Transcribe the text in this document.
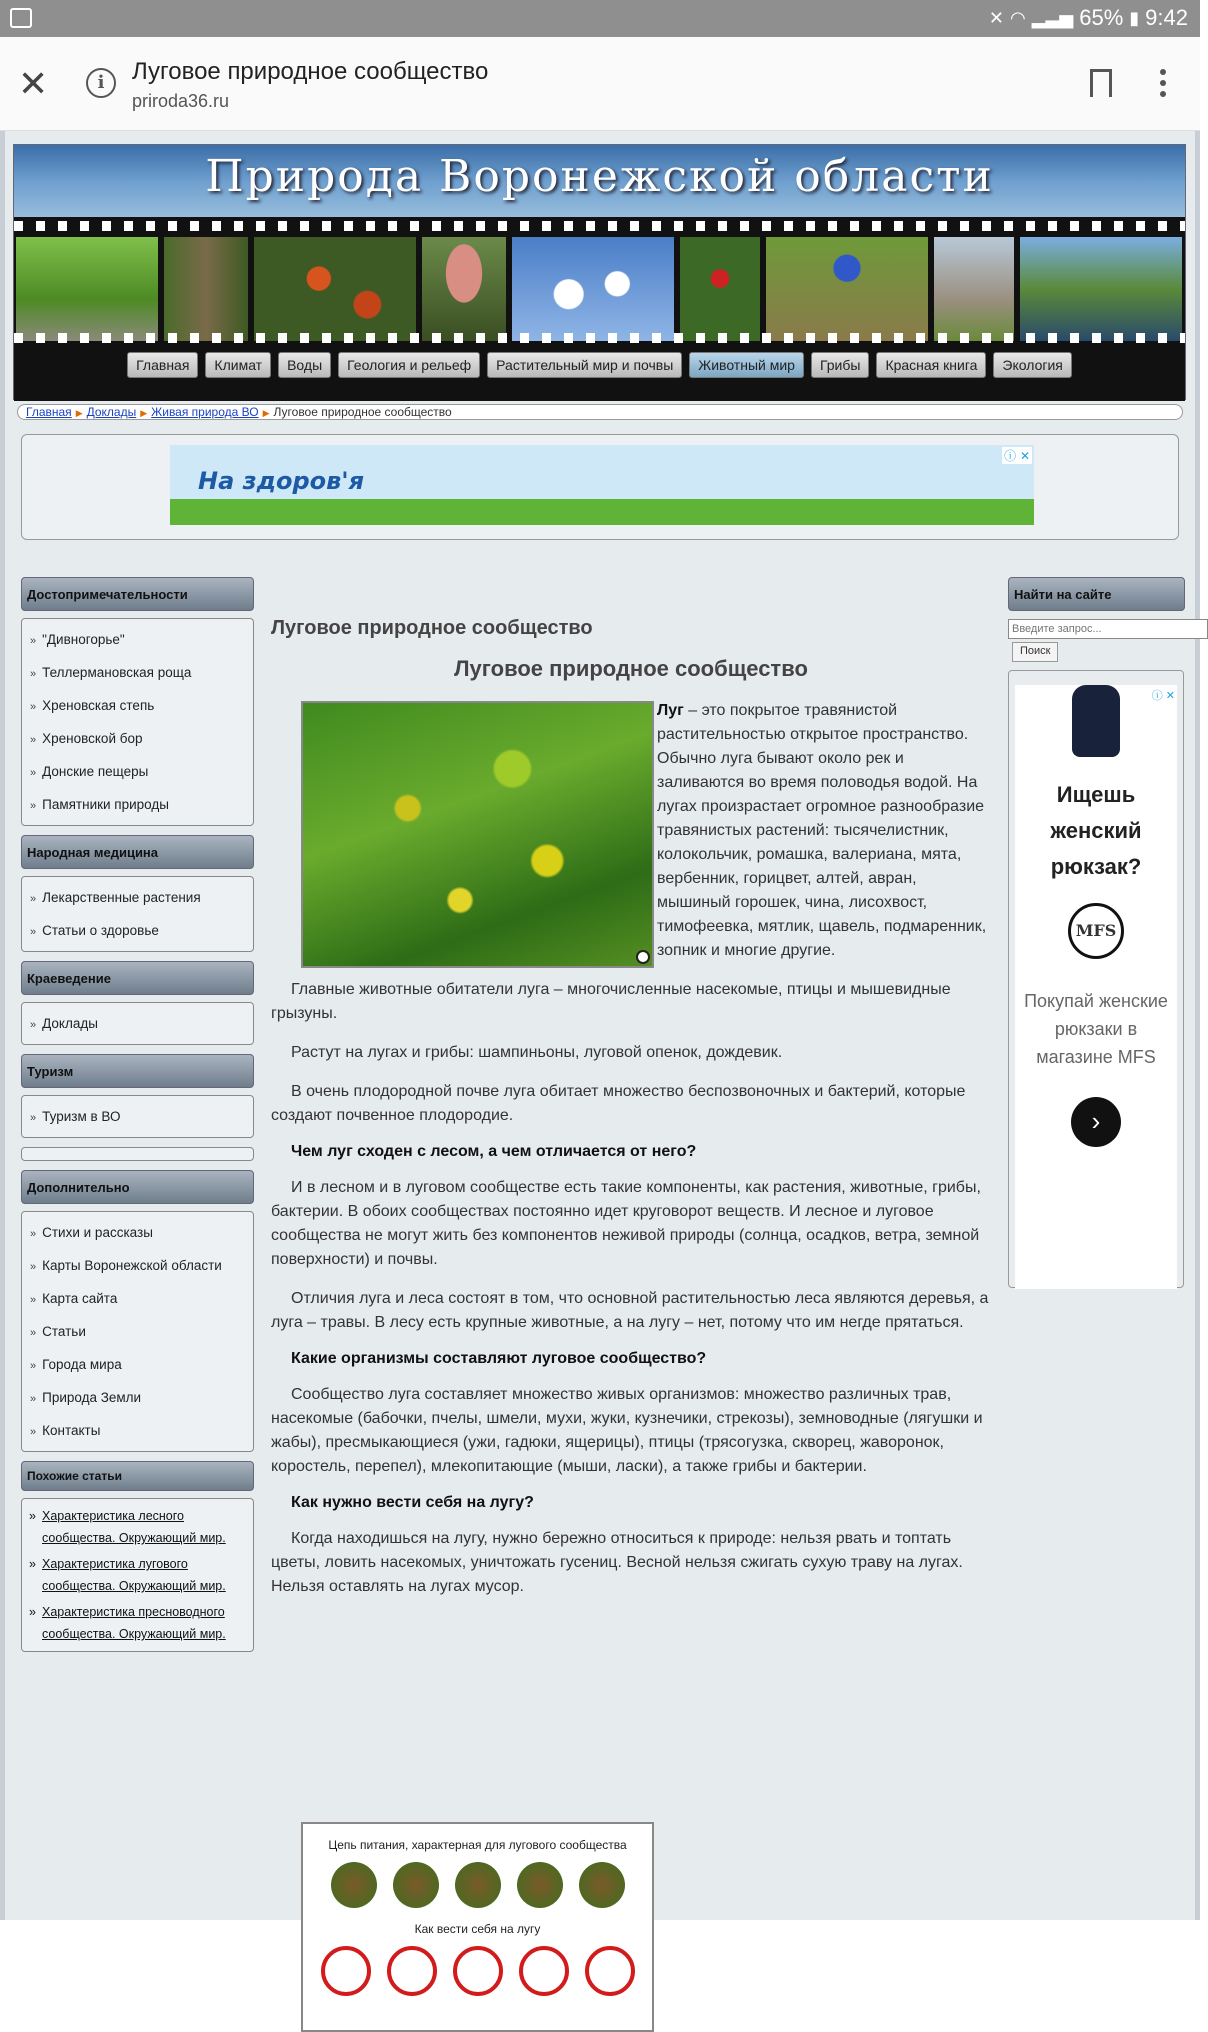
✕ ◠ ▂▃▅ 65% ▮ 9:42
✕	i	Луговое природное сообщество
priroda36.ru
Природа Воронежской области
Главная	Климат	Воды	Геология и рельеф	Растительный мир и почвы	Животный мир	Грибы	Красная книга	Экология
Главная ▶ Доклады ▶ Живая природа ВО ▶ Луговое природное сообщество
На здоров'я
ⓘ ✕
Достопримечательности
» "Дивногорье"
» Теллермановская роща
» Хреновская степь
» Хреновской бор
» Донские пещеры
» Памятники природы
Народная медицина
» Лекарственные растения
» Статьи о здоровье
Краеведение
» Доклады
Туризм
» Туризм в ВО
Дополнительно
» Стихи и рассказы
» Карты Воронежской области
» Карта сайта
» Статьи
» Города мира
» Природа Земли
» Контакты
Похожие статьи
» Характеристика лесного сообщества. Окружающий мир.
» Характеристика лугового сообщества. Окружающий мир.
» Характеристика пресноводного сообщества. Окружающий мир.
Луговое природное сообщество
Луговое природное сообщество
Луг – это покрытое травянистой растительностью открытое пространство. Обычно луга бывают около рек и заливаются во время половодья водой. На лугах произрастает огромное разнообразие травянистых растений: тысячелистник, колокольчик, ромашка, валериана, мята, вербенник, горицвет, алтей, авран, мышиный горошек, чина, лисохвост, тимофеевка, мятлик, щавель, подмаренник, зопник и многие другие.
Главные животные обитатели луга – многочисленные насекомые, птицы и мышевидные грызуны.
Растут на лугах и грибы: шампиньоны, луговой опенок, дождевик.
В очень плодородной почве луга обитает множество беспозвоночных и бактерий, которые создают почвенное плодородие.
Чем луг сходен с лесом, а чем отличается от него?
И в лесном и в луговом сообществе есть такие компоненты, как растения, животные, грибы, бактерии. В обоих сообществах постоянно идет круговорот веществ. И лесное и луговое сообщества не могут жить без компонентов неживой природы (солнца, осадков, ветра, земной поверхности) и почвы.
Отличия луга и леса состоят в том, что основной растительностью леса являются деревья, а луга – травы. В лесу есть крупные животные, а на лугу – нет, потому что им негде прятаться.
Какие организмы составляют луговое сообщество?
Сообщество луга составляет множество живых организмов: множество различных трав, насекомые (бабочки, пчелы, шмели, мухи, жуки, кузнечики, стрекозы), земноводные (лягушки и жабы), пресмыкающиеся (ужи, гадюки, ящерицы), птицы (трясогузка, скворец, жаворонок, коростель, перепел), млекопитающие (мыши, ласки), а также грибы и бактерии.
Как нужно вести себя на лугу?
Когда находишься на лугу, нужно бережно относиться к природе: нельзя рвать и топтать цветы, ловить насекомых, уничтожать гусениц. Весной нельзя сжигать сухую траву на лугах. Нельзя оставлять на лугах мусор.
Цепь питания, характерная для лугового сообщества
Как вести себя на лугу
Найти на сайте
Введите запрос... Поиск
ⓘ ✕
Ищешь женский рюкзак?
MFS
Покупай женские рюкзаки в магазине MFS
›
